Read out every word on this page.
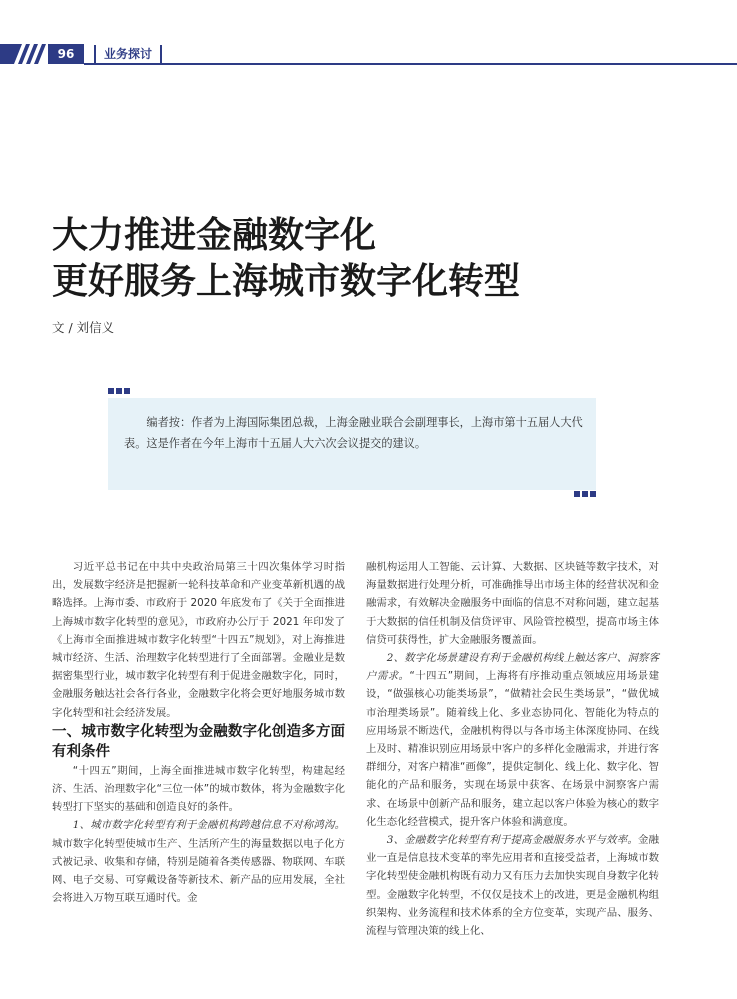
96	业务探讨
大力推进金融数字化
更好服务上海城市数字化转型
文 / 刘信义

编者按：作者为上海国际集团总裁，上海金融业联合会副理事长，上海市第十五届人大代表。这是作者在今年上海市十五届人大六次会议提交的建议。

习近平总书记在中共中央政治局第三十四次集体学习时指出，发展数字经济是把握新一轮科技革命和产业变革新机遇的战略选择。上海市委、市政府于 2020 年底发布了《关于全面推进上海城市数字化转型的意见》，市政府办公厅于 2021 年印发了《上海市全面推进城市数字化转型“十四五”规划》，对上海推进城市经济、生活、治理数字化转型进行了全面部署。金融业是数据密集型行业，城市数字化转型有利于促进金融数字化，同时，金融服务触达社会各行各业，金融数字化将会更好地服务城市数字化转型和社会经济发展。

一、城市数字化转型为金融数字化创造多方面有利条件

“十四五”期间，上海全面推进城市数字化转型，构建起经济、生活、治理数字化“三位一体”的城市数体，将为金融数字化转型打下坚实的基础和创造良好的条件。

1、城市数字化转型有利于金融机构跨越信息不对称鸿沟。城市数字化转型使城市生产、生活所产生的海量数据以电子化方式被记录、收集和存储，特别是随着各类传感器、物联网、车联网、电子交易、可穿戴设备等新技术、新产品的应用发展，全社会将进入万物互联互通时代。金

融机构运用人工智能、云计算、大数据、区块链等数字技术，对海量数据进行处理分析，可准确推导出市场主体的经营状况和金融需求，有效解决金融服务中面临的信息不对称问题，建立起基于大数据的信任机制及信贷评审、风险管控模型，提高市场主体信贷可获得性，扩大金融服务覆盖面。

2、数字化场景建设有利于金融机构线上触达客户、洞察客户需求。“十四五”期间，上海将有序推动重点领域应用场景建设，“做强核心功能类场景”，“做精社会民生类场景”，“做优城市治理类场景”。随着线上化、多业态协同化、智能化为特点的应用场景不断迭代，金融机构得以与各市场主体深度协同、在线上及时、精准识别应用场景中客户的多样化金融需求，并进行客群细分，对客户精准“画像”，提供定制化、线上化、数字化、智能化的产品和服务，实现在场景中获客、在场景中洞察客户需求、在场景中创新产品和服务，建立起以客户体验为核心的数字化生态化经营模式，提升客户体验和满意度。

3、金融数字化转型有利于提高金融服务水平与效率。金融业一直是信息技术变革的率先应用者和直接受益者，上海城市数字化转型使金融机构既有动力又有压力去加快实现自身数字化转型。金融数字化转型，不仅仅是技术上的改进，更是金融机构组织架构、业务流程和技术体系的全方位变革，实现产品、服务、流程与管理决策的线上化、
